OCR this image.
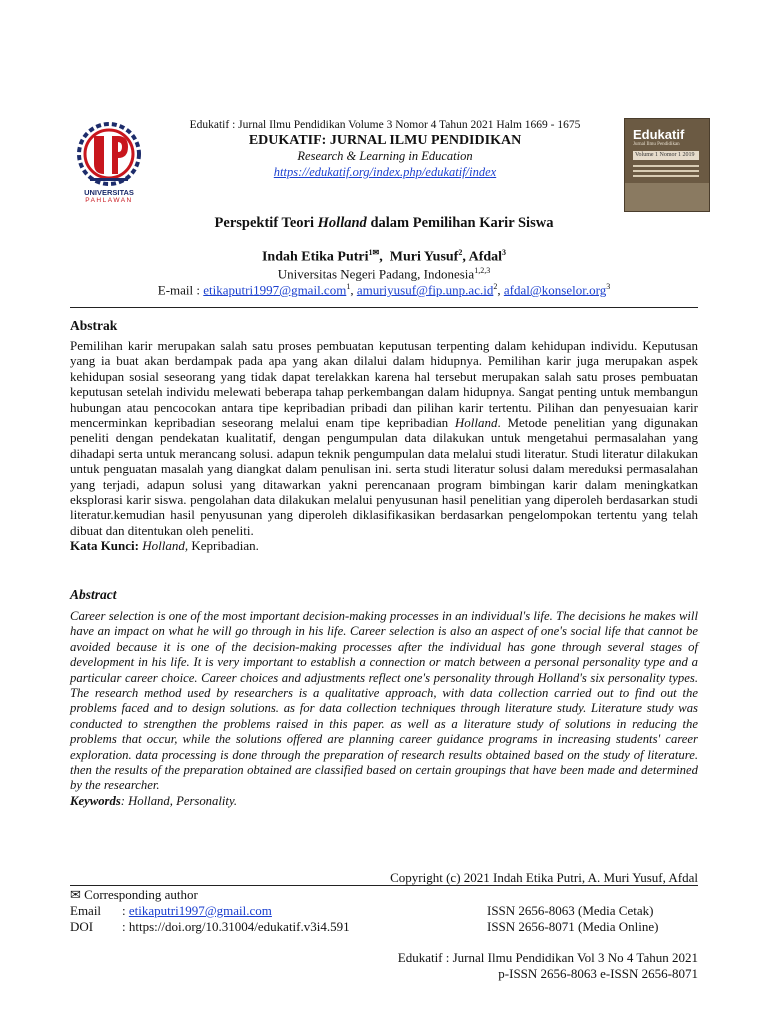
UNIVERSITAS
PAHLAWAN
Edukatif
Jurnal Ilmu Pendidikan
Volume 1 Nomor 1 2019
Edukatif : Jurnal Ilmu Pendidikan Volume 3 Nomor 4 Tahun 2021 Halm 1669 - 1675
EDUKATIF: JURNAL ILMU PENDIDIKAN
Research & Learning in Education
https://edukatif.org/index.php/edukatif/index
Perspektif Teori Holland dalam Pemilihan Karir Siswa
Indah Etika Putri$^{1✉}$,  Muri Yusuf$^2$, Afdal$^3$
Universitas Negeri Padang, Indonesia$^{1,2,3}$
E-mail : etikaputri1997@gmail.com$^1$, $amuriyusuf@fip.unp.ac.id^2$, afdal@konselor.org$^3$
Abstrak
Pemilihan karir merupakan salah satu proses pembuatan keputusan terpenting dalam kehidupan individu. Keputusan yang ia buat akan berdampak pada apa yang akan dilalui dalam hidupnya. Pemilihan karir juga merupakan aspek kehidupan sosial seseorang yang tidak dapat terelakkan karena hal tersebut merupakan salah satu proses pembuatan keputusan setelah individu melewati beberapa tahap perkembangan dalam hidupnya. Sangat penting untuk membangun hubungan atau pencocokan antara tipe kepribadian pribadi dan pilihan karir tertentu. Pilihan dan penyesuaian karir mencerminkan kepribadian seseorang melalui enam tipe kepribadian Holland. Metode penelitian yang digunakan peneliti dengan pendekatan kualitatif, dengan pengumpulan data dilakukan untuk mengetahui permasalahan yang dihadapi serta untuk merancang solusi. adapun teknik pengumpulan data melalui studi literatur. Studi literatur dilakukan untuk penguatan masalah yang diangkat dalam penulisan ini. serta studi literatur solusi dalam mereduksi permasalahan yang terjadi, adapun solusi yang ditawarkan yakni perencanaan program bimbingan karir dalam meningkatkan eksplorasi karir siswa. pengolahan data dilakukan melalui penyusunan hasil penelitian yang diperoleh berdasarkan studi literatur.kemudian hasil penyusunan yang diperoleh diklasifikasikan berdasarkan pengelompokan tertentu yang telah dibuat dan ditentukan oleh peneliti.
Kata Kunci: Holland, Kepribadian.
Abstract
Career selection is one of the most important decision-making processes in an individual's life. The decisions he makes will have an impact on what he will go through in his life. Career selection is also an aspect of one's social life that cannot be avoided because it is one of the decision-making processes after the individual has gone through several stages of development in his life. It is very important to establish a connection or match between a personal personality type and a particular career choice. Career choices and adjustments reflect one's personality through Holland's six personality types. The research method used by researchers is a qualitative approach, with data collection carried out to find out the problems faced and to design solutions. as for data collection techniques through literature study. Literature study was conducted to strengthen the problems raised in this paper. as well as a literature study of solutions in reducing the problems that occur, while the solutions offered are planning career guidance programs in increasing students' career exploration. data processing is done through the preparation of research results obtained based on the study of literature. then the results of the preparation obtained are classified based on certain groupings that have been made and determined by the researcher.
Keywords: Holland, Personality.
Copyright (c) 2021 Indah Etika Putri, A. Muri Yusuf, Afdal
✉ Corresponding author
Email : etikaputri1997@gmail.com	ISSN 2656-8063 (Media Cetak)
DOI : https://doi.org/10.31004/edukatif.v3i4.591	ISSN 2656-8071 (Media Online)
Edukatif : Jurnal Ilmu Pendidikan Vol 3 No 4 Tahun 2021
p-ISSN 2656-8063 e-ISSN 2656-8071
